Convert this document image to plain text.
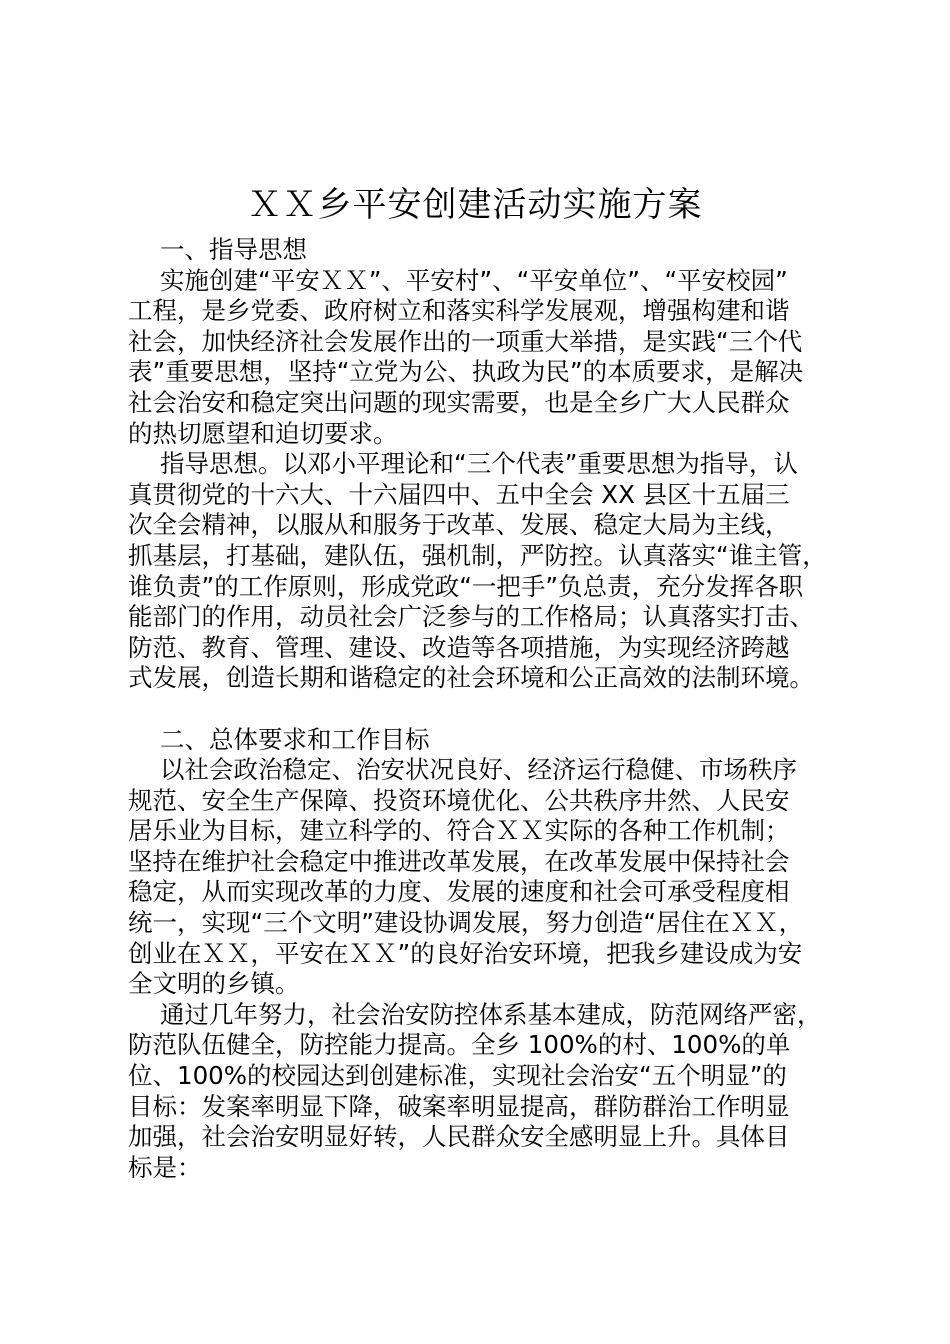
ＸＸ乡平安创建活动实施方案
一、指导思想
实施创建“平安ＸＸ”、平安村”、“平安单位”、“平安校园”
工程，是乡党委、政府树立和落实科学发展观，增强构建和谐
社会，加快经济社会发展作出的一项重大举措，是实践“三个代
表”重要思想，坚持“立党为公、执政为民”的本质要求，是解决
社会治安和稳定突出问题的现实需要，也是全乡广大人民群众
的热切愿望和迫切要求。
指导思想。以邓小平理论和“三个代表”重要思想为指导，认
真贯彻党的十六大、十六届四中、五中全会 XX 县区十五届三
次全会精神，以服从和服务于改革、发展、稳定大局为主线，
抓基层，打基础，建队伍，强机制，严防控。认真落实“谁主管，
谁负责”的工作原则，形成党政“一把手”负总责，充分发挥各职
能部门的作用，动员社会广泛参与的工作格局；认真落实打击、
防范、教育、管理、建设、改造等各项措施，为实现经济跨越
式发展，创造长期和谐稳定的社会环境和公正高效的法制环境。
二、总体要求和工作目标
以社会政治稳定、治安状况良好、经济运行稳健、市场秩序
规范、安全生产保障、投资环境优化、公共秩序井然、人民安
居乐业为目标，建立科学的、符合ＸＸ实际的各种工作机制；
坚持在维护社会稳定中推进改革发展，在改革发展中保持社会
稳定，从而实现改革的力度、发展的速度和社会可承受程度相
统一，实现“三个文明”建设协调发展，努力创造“居住在ＸＸ，
创业在ＸＸ，平安在ＸＸ”的良好治安环境，把我乡建设成为安
全文明的乡镇。
通过几年努力，社会治安防控体系基本建成，防范网络严密，
防范队伍健全，防控能力提高。全乡 100%的村、100%的单
位、100%的校园达到创建标准，实现社会治安“五个明显”的
目标：发案率明显下降，破案率明显提高，群防群治工作明显
加强，社会治安明显好转，人民群众安全感明显上升。具体目
标是：
